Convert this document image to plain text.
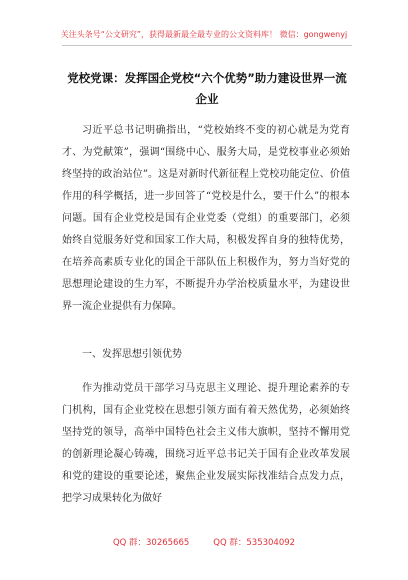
关注头条号“公文研究”，获得最新最全最专业的公文资料库！ 微信：gongwenyj
党校党课：发挥国企党校“六个优势”助力建设世界一流企业

习近平总书记明确指出，“党校始终不变的初心就是为党育才、为党献策”，强调“围绕中心、服务大局，是党校事业必须始终坚持的政治站位”。这是对新时代新征程上党校功能定位、价值作用的科学概括，进一步回答了“党校是什么，要干什么”的根本问题。国有企业党校是国有企业党委（党组）的重要部门，必须始终自觉服务好党和国家工作大局，积极发挥自身的独特优势，在培养高素质专业化的国企干部队伍上积极作为，努力当好党的思想理论建设的生力军，不断提升办学治校质量水平，为建设世界一流企业提供有力保障。

一、发挥思想引领优势

作为推动党员干部学习马克思主义理论、提升理论素养的专门机构，国有企业党校在思想引领方面有着天然优势，必须始终坚持党的领导，高举中国特色社会主义伟大旗帜，坚持不懈用党的创新理论凝心铸魂，围绕习近平总书记关于国有企业改革发展和党的建设的重要论述，聚焦企业发展实际找准结合点发力点，把学习成果转化为做好

QQ 群：30265665	QQ 群：535304092
